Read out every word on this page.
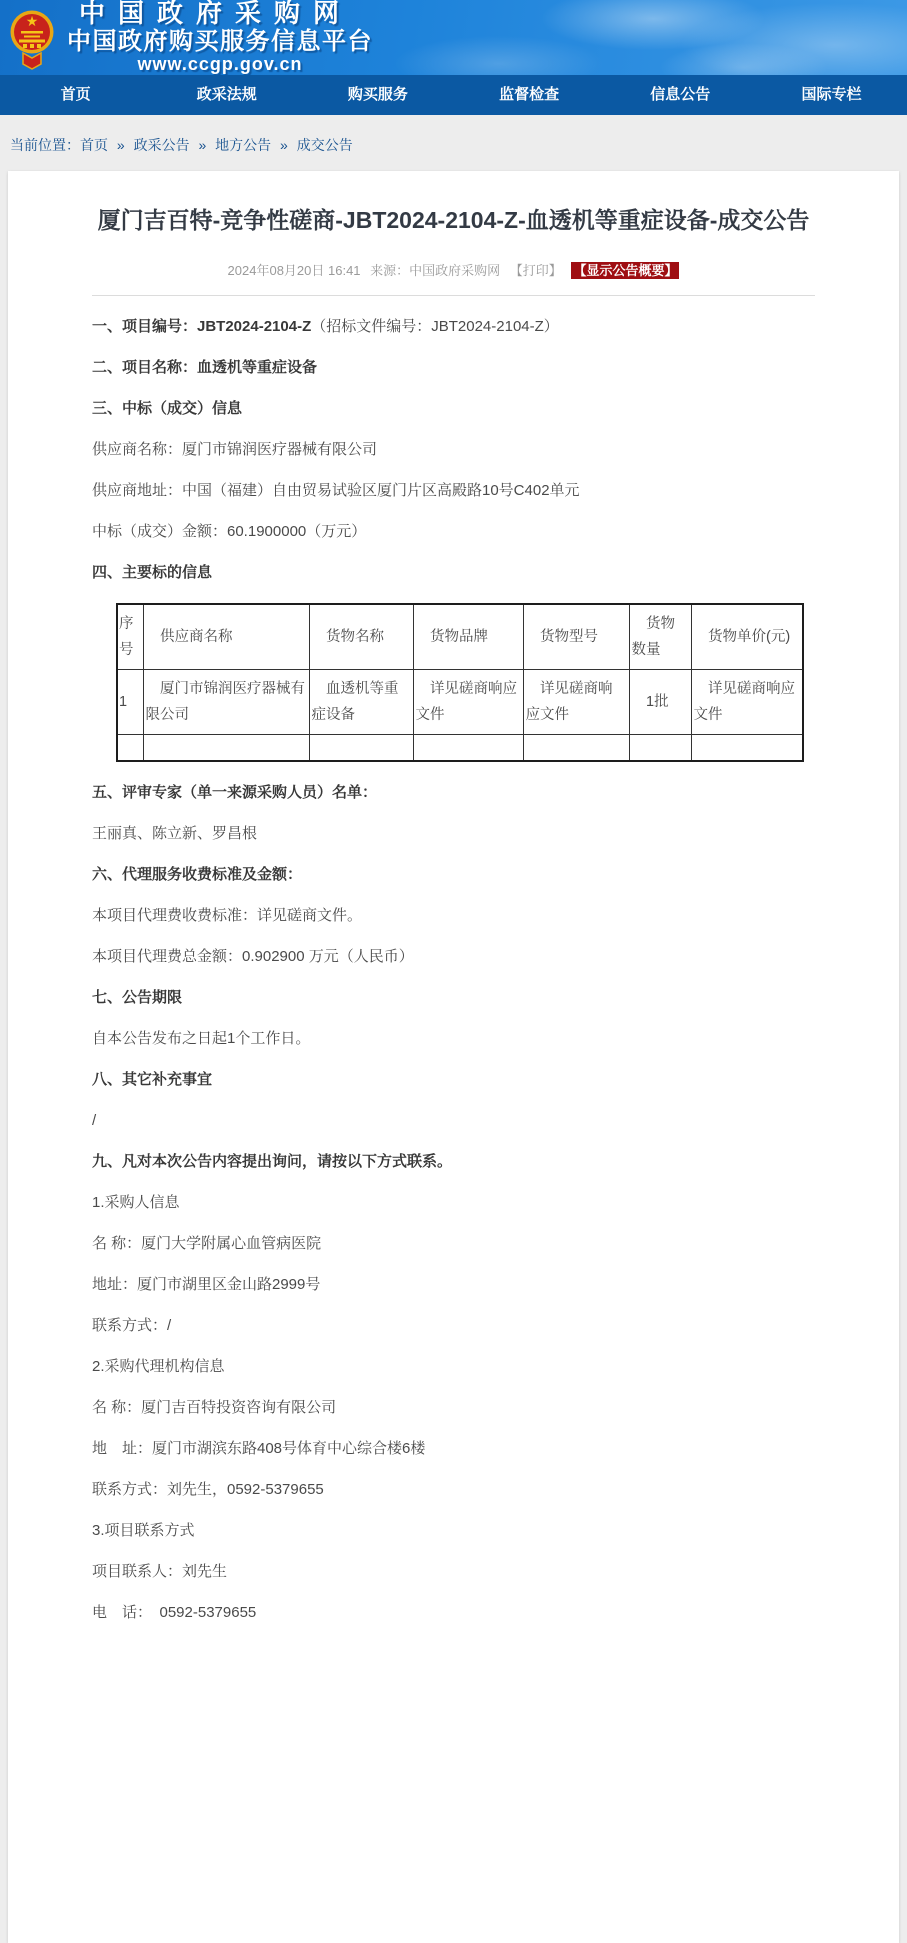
★	中国政府采购网
中国政府购买服务信息平台
www.ccgp.gov.cn
首页	政采法规	购买服务	监督检查	信息公告	国际专栏
当前位置：首页 » 政采公告 » 地方公告 » 成交公告
厦门吉百特-竞争性磋商-JBT2024-2104-Z-血透机等重症设备-成交公告
2024年08月20日 16:41 来源：中国政府采购网 【打印】 【显示公告概要】

一、项目编号：JBT2024-2104-Z（招标文件编号：JBT2024-2104-Z）

二、项目名称：血透机等重症设备

三、中标（成交）信息

供应商名称：厦门市锦润医疗器械有限公司

供应商地址：中国（福建）自由贸易试验区厦门片区高殿路10号C402单元

中标（成交）金额：60.1900000（万元）

四、主要标的信息

序号	供应商名称	货物名称	货物品牌	货物型号	货物数量	货物单价(元)
1	厦门市锦润医疗器械有限公司	血透机等重症设备	详见磋商响应文件	详见磋商响应文件	1批	详见磋商响应文件

五、评审专家（单一来源采购人员）名单：

王丽真、陈立新、罗昌根

六、代理服务收费标准及金额：

本项目代理费收费标准：详见磋商文件。

本项目代理费总金额：0.902900 万元（人民币）

七、公告期限

自本公告发布之日起1个工作日。

八、其它补充事宜

/

九、凡对本次公告内容提出询问，请按以下方式联系。

1.采购人信息

名 称：厦门大学附属心血管病医院

地址：厦门市湖里区金山路2999号

联系方式：/

2.采购代理机构信息

名 称：厦门吉百特投资咨询有限公司

地　址：厦门市湖滨东路408号体育中心综合楼6楼

联系方式：刘先生，0592-5379655

3.项目联系方式

项目联系人：刘先生

电　话：　0592-5379655
